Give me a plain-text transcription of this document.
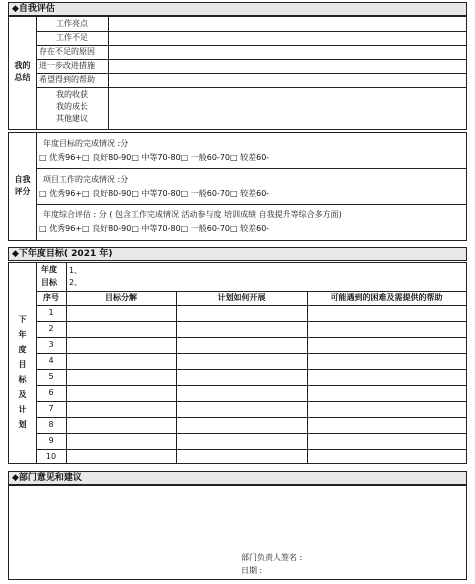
◆自我评估
我的
总结
工作亮点
工作不足
存在不足的原因
进一步改进措施
希望得到的帮助
我的收获
我的成长
其他建议
自我
评分
年度目标的完成情况 :分
□ 优秀96+□ 良好80-90□ 中等70-80□ 一般60-70□ 较差60-
项目工作的完成情况 :分
□ 优秀96+□ 良好80-90□ 中等70-80□ 一般60-70□ 较差60-
年度综合评估 : 分 ( 包含工作完成情况 活动参与度 培训成绩 自我提升等综合多方面)
□ 优秀96+□ 良好80-90□ 中等70-80□ 一般60-70□ 较差60-
◆下年度目标( 2021 年)
下
年
度
目
标
及
计
划
年度
目标
1、
2、
序号	目标分解	计划如何开展	可能遇到的困难及需提供的帮助
1
2
3
4
5
6
7
8
9
10
◆部门意见和建议
部门负责人签名 :
日期 :
